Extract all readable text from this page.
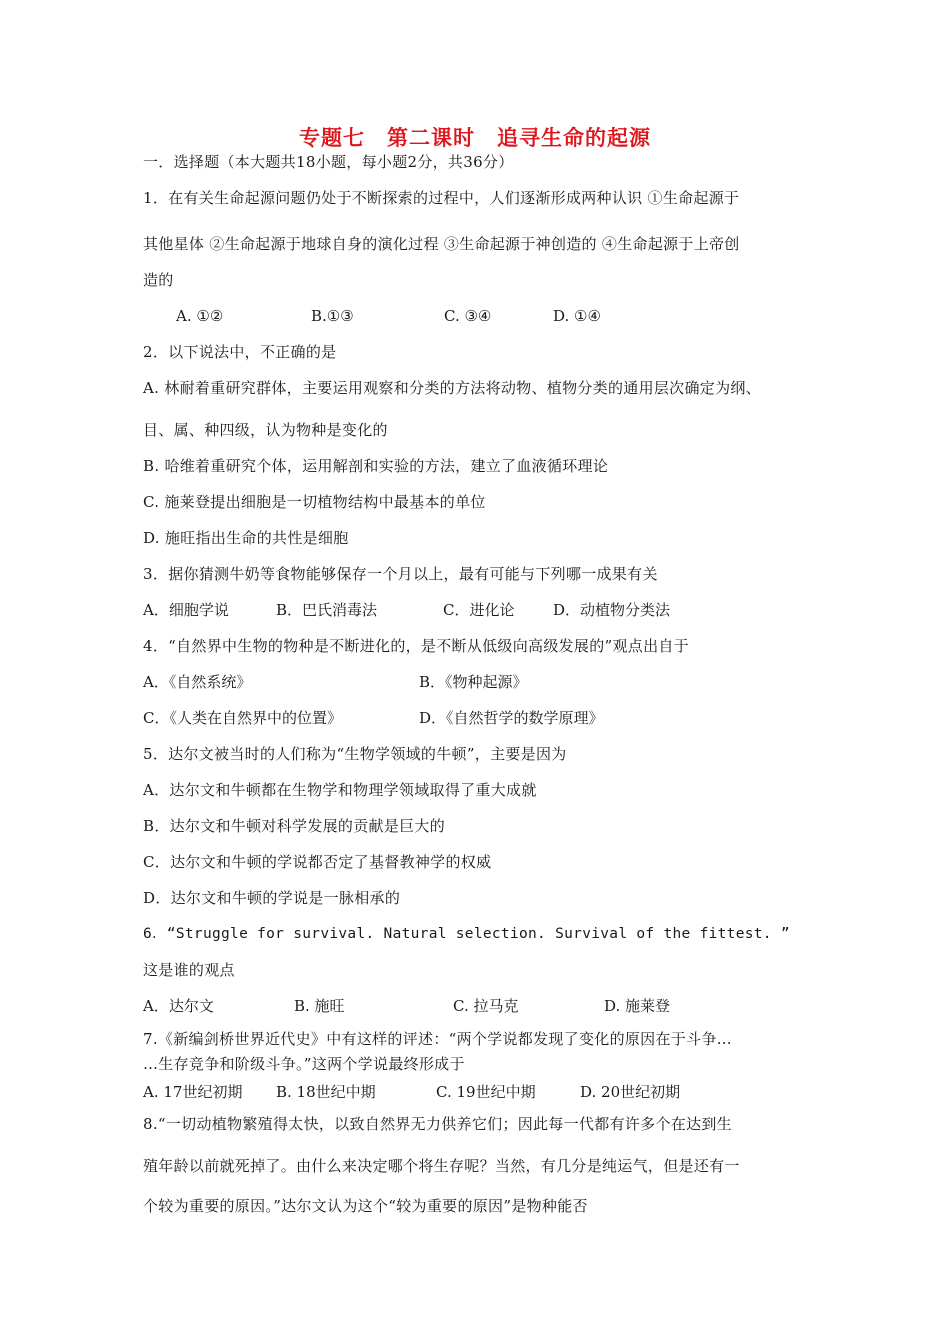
专题七　第二课时　追寻生命的起源
一．选择题（本大题共18小题，每小题2分，共36分）
1．在有关生命起源问题仍处于不断探索的过程中，人们逐渐形成两种认识 ①生命起源于
其他星体 ②生命起源于地球自身的演化过程 ③生命起源于神创造的 ④生命起源于上帝创
造的
A. ①②	B.①③	C. ③④	D. ①④
2．以下说法中，不正确的是
A. 林耐着重研究群体，主要运用观察和分类的方法将动物、植物分类的通用层次确定为纲、
目、属、种四级，认为物种是变化的
B. 哈维着重研究个体，运用解剖和实验的方法，建立了血液循环理论
C. 施莱登提出细胞是一切植物结构中最基本的单位
D. 施旺指出生命的共性是细胞
3．据你猜测牛奶等食物能够保存一个月以上，最有可能与下列哪一成果有关
A．细胞学说	B．巴氏消毒法	C．进化论	D．动植物分类法
4．“自然界中生物的物种是不断进化的，是不断从低级向高级发展的”观点出自于
A．《自然系统》	B．《物种起源》
C．《人类在自然界中的位置》	D．《自然哲学的数学原理》
5．达尔文被当时的人们称为“生物学领域的牛顿”，主要是因为
A．达尔文和牛顿都在生物学和物理学领域取得了重大成就
B．达尔文和牛顿对科学发展的贡献是巨大的
C．达尔文和牛顿的学说都否定了基督教神学的权威
D．达尔文和牛顿的学说是一脉相承的
6．“Struggle for survival. Natural selection. Survival of the fittest. ”
这是谁的观点
A．达尔文	B. 施旺	C. 拉马克	D. 施莱登
7.《新编剑桥世界近代史》中有这样的评述：“两个学说都发现了变化的原因在于斗争…
…生存竞争和阶级斗争。”这两个学说最终形成于
A. 17世纪初期 B. 18世纪中期	C. 19世纪中期	D. 20世纪初期
8.“一切动植物繁殖得太快，以致自然界无力供养它们；因此每一代都有许多个在达到生
殖年龄以前就死掉了。由什么来决定哪个将生存呢？当然，有几分是纯运气，但是还有一
个较为重要的原因。”达尔文认为这个“较为重要的原因”是物种能否
